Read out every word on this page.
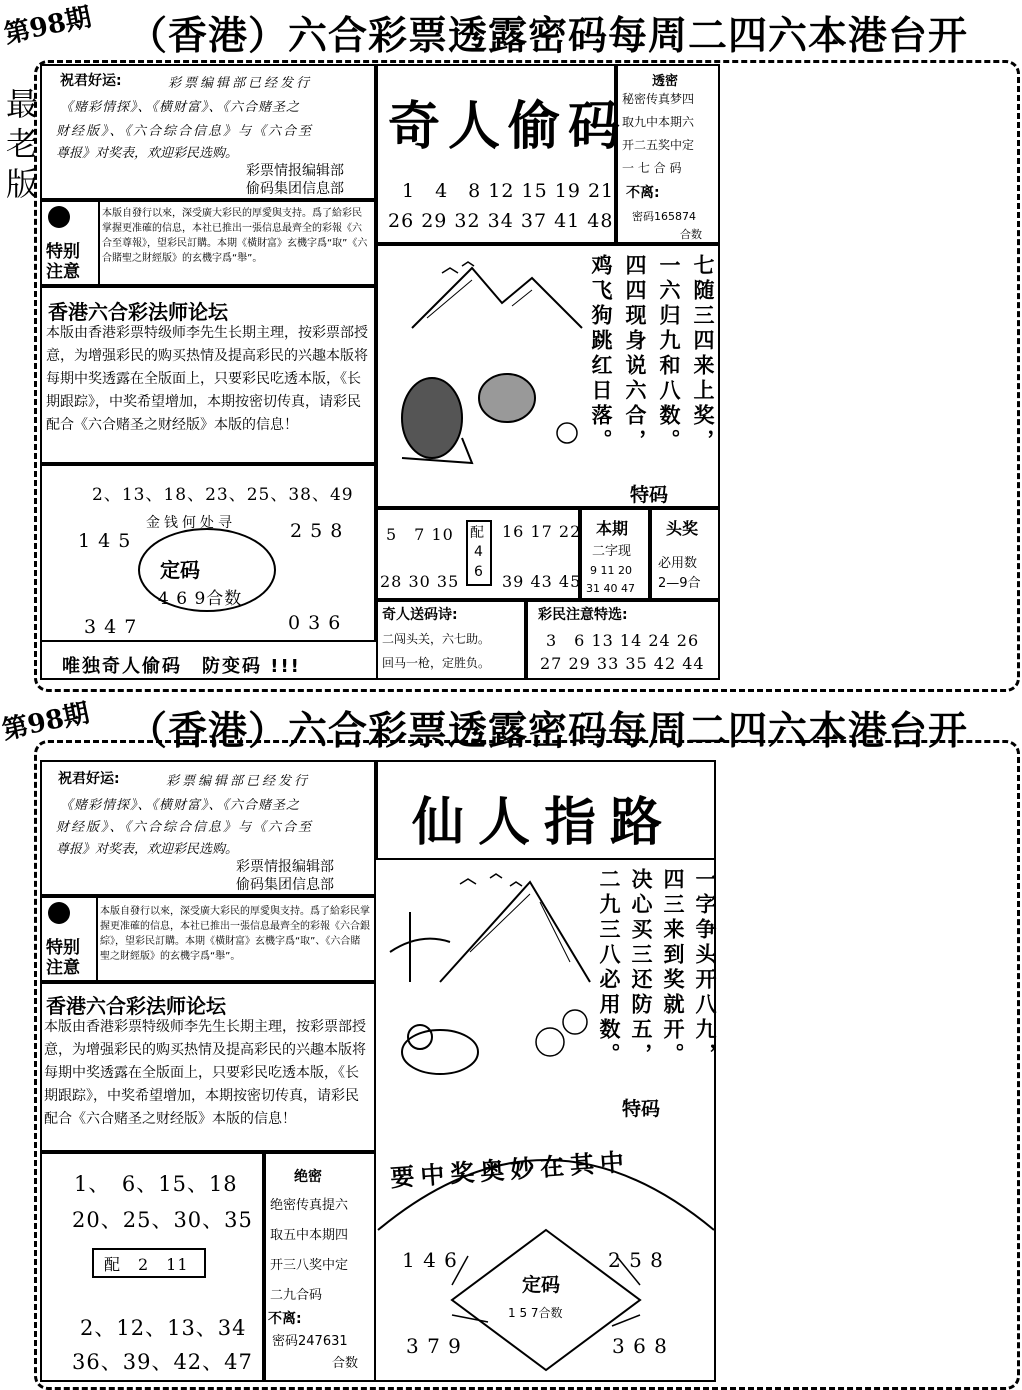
第98期 （香港）六合彩票透露密码每周二四六本港台开
最老版
祝君好运:	彩票编辑部已经发行
《赌彩情探》、《横财富》、《六合赌圣之
财经版》、《六合综合信息》与《六合至
尊报》对奖表，欢迎彩民选购。
彩票情报编辑部
偷码集团信息部
特别注意
本版自發行以來，深受廣大彩民的厚愛與支持。爲了給彩民掌握更准確的信息，本社已推出一張信息最齊全的彩報《六合至尊報》，望彩民訂購。本期《橫財富》玄機字爲“取”《六合賭聖之財經版》的玄機字爲“舉”。
香港六合彩法师论坛
本版由香港彩票特级师李先生长期主理，按彩票部授意，为增强彩民的购买热情及提高彩民的兴趣本版将每期中奖透露在全版面上，只要彩民吃透本版，《长期跟踪》，中奖希望增加，本期按密切传真，请彩民配合《六合赌圣之财经版》本版的信息！
2、13、18、23、25、38、49
金钱何处寻
定码
4 6 9合数
1 4 5	2 5 8
3 4 7	0 3 6
唯独奇人偷码　防变码 !!!
奇人偷码
1　4　8 12 15 19 21
26 29 32 34 37 41 48
透密
秘密传真梦四
取九中本期六
开二五奖中定
一 七 合 码
不离:
密码165874
合数
七随三四来上奖，
一六归九和八数。
四四现身说六合，
鸡飞狗跳红日落。
特码
5　7 10
28 30 35
配
4
6
16 17 22
39 43 45
本期
二字现
9 11 20
31 40 47
头奖
必用数
2—9合
奇人送码诗:
二闯头关，六七助。
回马一枪，定胜负。
彩民注意特选:
3　6 13 14 24 26
27 29 33 35 42 44
第98期 （香港）六合彩票透露密码每周二四六本港台开
祝君好运:	彩票编辑部已经发行
《赌彩情探》、《横财富》、《六合赌圣之
财经版》、《六合综合信息》与《六合至
尊报》对奖表，欢迎彩民选购。
彩票情报编辑部
偷码集团信息部
特别注意
本版自發行以來，深受廣大彩民的厚愛與支持。爲了給彩民掌握更准確的信息，本社已推出一張信息最齊全的彩報《六合銀綜》，望彩民訂購。本期《橫財富》玄機字爲“取”、《六合賭聖之財經版》的玄機字爲“舉”。
香港六合彩法师论坛
本版由香港彩票特级师李先生长期主理，按彩票部授意，为增强彩民的购买热情及提高彩民的兴趣本版将每期中奖透露在全版面上，只要彩民吃透本版，《长期跟踪》，中奖希望增加，本期按密切传真，请彩民配合《六合赌圣之财经版》本版的信息！
1、　6、15、18
20、25、30、35
配　2　11
2、12、13、34
36、39、42、47
绝密
绝密传真提六
取五中本期四
开三八奖中定
二九合码
不离:
密码247631
合数
仙人指路
一字争头开八九，
四三来到奖就开。
决心买三还防五，
二九三八必用数。
特码
要中奖奥妙在其中
1 4 6	2 5 8
3 7 9	3 6 8
定码
1 5 7合数
